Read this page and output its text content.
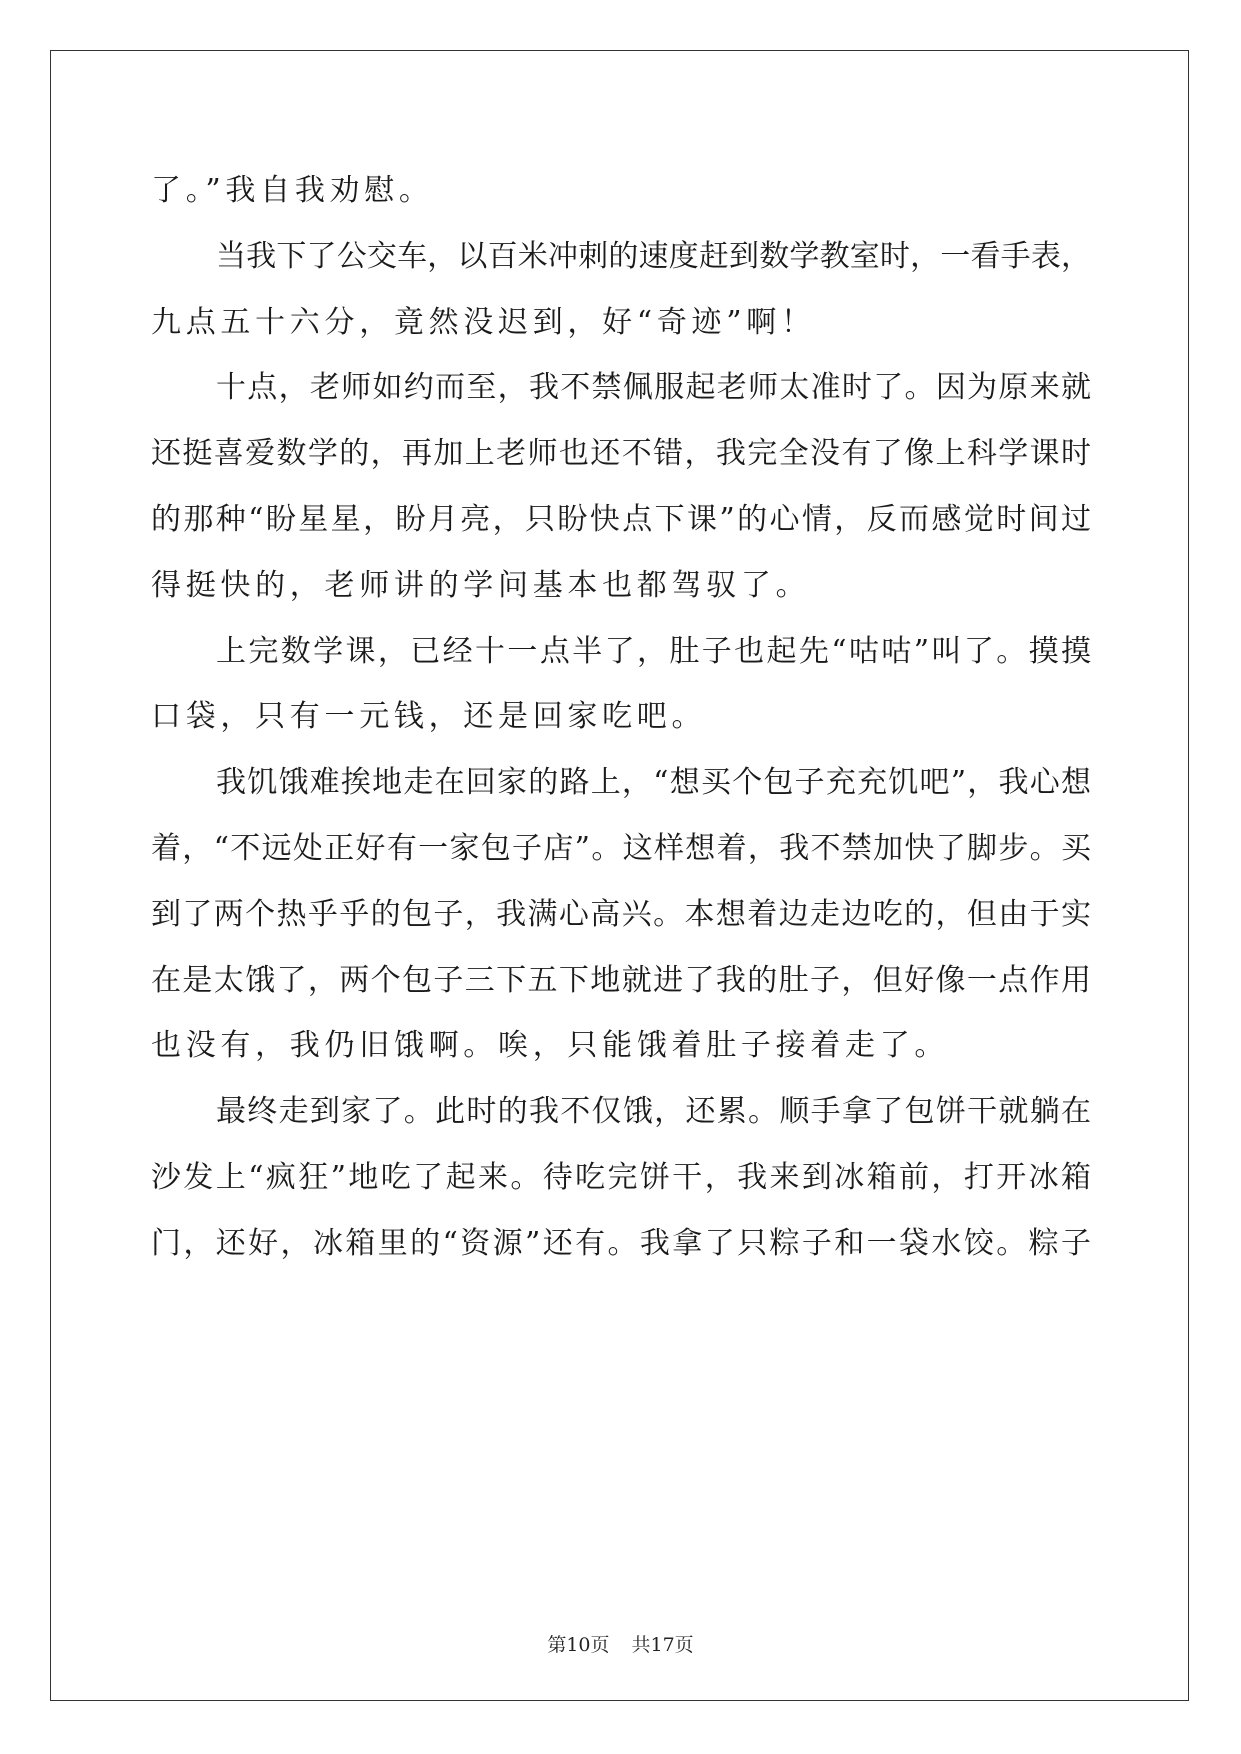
了。”我自我劝慰。
当我下了公交车，以百米冲刺的速度赶到数学教室时，一看手表，
九点五十六分，竟然没迟到，好“奇迹”啊！
十点，老师如约而至，我不禁佩服起老师太准时了。因为原来就
还挺喜爱数学的，再加上老师也还不错，我完全没有了像上科学课时
的那种“盼星星，盼月亮，只盼快点下课”的心情，反而感觉时间过
得挺快的，老师讲的学问基本也都驾驭了。
上完数学课，已经十一点半了，肚子也起先“咕咕”叫了。摸摸
口袋，只有一元钱，还是回家吃吧。
我饥饿难挨地走在回家的路上，“想买个包子充充饥吧”，我心想
着，“不远处正好有一家包子店”。这样想着，我不禁加快了脚步。买
到了两个热乎乎的包子，我满心高兴。本想着边走边吃的，但由于实
在是太饿了，两个包子三下五下地就进了我的肚子，但好像一点作用
也没有，我仍旧饿啊。唉，只能饿着肚子接着走了。
最终走到家了。此时的我不仅饿，还累。顺手拿了包饼干就躺在
沙发上“疯狂”地吃了起来。待吃完饼干，我来到冰箱前，打开冰箱
门，还好，冰箱里的“资源”还有。我拿了只粽子和一袋水饺。粽子
第10页 共17页
